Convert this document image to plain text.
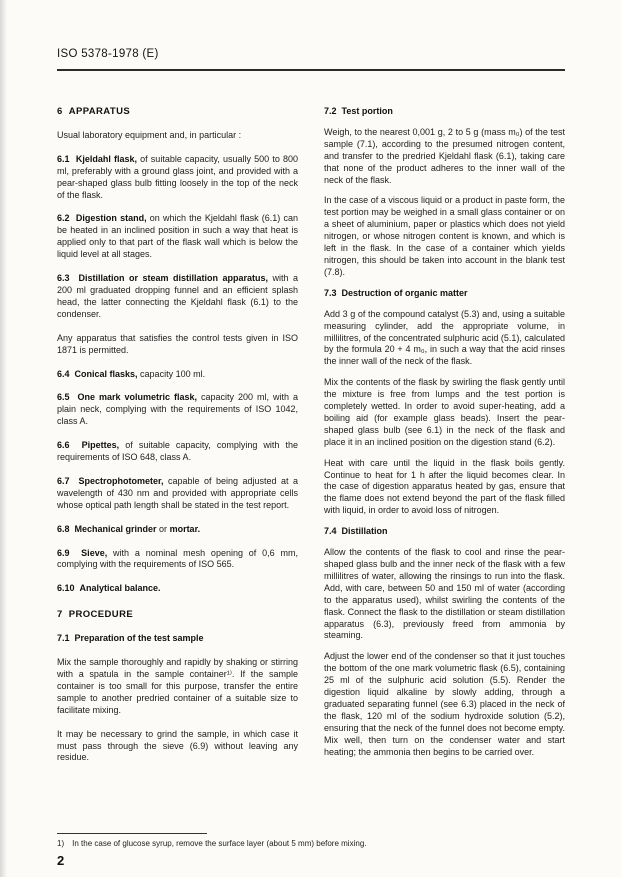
ISO 5378-1978 (E)
6  APPARATUS

Usual laboratory equipment and, in particular :

6.1  Kjeldahl flask, of suitable capacity, usually 500 to 800 ml, preferably with a ground glass joint, and provided with a pear-shaped glass bulb fitting loosely in the top of the neck of the flask.

6.2  Digestion stand, on which the Kjeldahl flask (6.1) can be heated in an inclined position in such a way that heat is applied only to that part of the flask wall which is below the liquid level at all stages.

6.3  Distillation or steam distillation apparatus, with a 200 ml graduated dropping funnel and an efficient splash head, the latter connecting the Kjeldahl flask (6.1) to the condenser.

Any apparatus that satisfies the control tests given in ISO 1871 is permitted.

6.4  Conical flasks, capacity 100 ml.

6.5  One mark volumetric flask, capacity 200 ml, with a plain neck, complying with the requirements of ISO 1042, class A.

6.6  Pipettes, of suitable capacity, complying with the requirements of ISO 648, class A.

6.7  Spectrophotometer, capable of being adjusted at a wavelength of 430 nm and provided with appropriate cells whose optical path length shall be stated in the test report.

6.8  Mechanical grinder or mortar.

6.9  Sieve, with a nominal mesh opening of 0,6 mm, complying with the requirements of ISO 565.

6.10  Analytical balance.

7  PROCEDURE
7.1  Preparation of the test sample

Mix the sample thoroughly and rapidly by shaking or stirring with a spatula in the sample container¹⁾. If the sample container is too small for this purpose, transfer the entire sample to another predried container of a suitable size to facilitate mixing.

It may be necessary to grind the sample, in which case it must pass through the sieve (6.9) without leaving any residue.

7.2  Test portion

Weigh, to the nearest 0,001 g, 2 to 5 g (mass m₀) of the test sample (7.1), according to the presumed nitrogen content, and transfer to the predried Kjeldahl flask (6.1), taking care that none of the product adheres to the inner wall of the neck of the flask.

In the case of a viscous liquid or a product in paste form, the test portion may be weighed in a small glass container or on a sheet of aluminium, paper or plastics which does not yield nitrogen, or whose nitrogen content is known, and which is left in the flask. In the case of a container which yields nitrogen, this should be taken into account in the blank test (7.8).

7.3  Destruction of organic matter

Add 3 g of the compound catalyst (5.3) and, using a suitable measuring cylinder, add the appropriate volume, in millilitres, of the concentrated sulphuric acid (5.1), calculated by the formula 20 + 4 m₀, in such a way that the acid rinses the inner wall of the neck of the flask.

Mix the contents of the flask by swirling the flask gently until the mixture is free from lumps and the test portion is completely wetted. In order to avoid super-heating, add a boiling aid (for example glass beads). Insert the pear-shaped glass bulb (see 6.1) in the neck of the flask and place it in an inclined position on the digestion stand (6.2).

Heat with care until the liquid in the flask boils gently. Continue to heat for 1 h after the liquid becomes clear. In the case of digestion apparatus heated by gas, ensure that the flame does not extend beyond the part of the flask filled with liquid, in order to avoid loss of nitrogen.

7.4  Distillation

Allow the contents of the flask to cool and rinse the pear-shaped glass bulb and the inner neck of the flask with a few millilitres of water, allowing the rinsings to run into the flask. Add, with care, between 50 and 150 ml of water (according to the apparatus used), whilst swirling the contents of the flask. Connect the flask to the distillation or steam distillation apparatus (6.3), previously freed from ammonia by steaming.

Adjust the lower end of the condenser so that it just touches the bottom of the one mark volumetric flask (6.5), containing 25 ml of the sulphuric acid solution (5.5). Render the digestion liquid alkaline by slowly adding, through a graduated separating funnel (see 6.3) placed in the neck of the flask, 120 ml of the sodium hydroxide solution (5.2), ensuring that the neck of the funnel does not become empty. Mix well, then turn on the condenser water and start heating; the ammonia then begins to be carried over.

1) In the case of glucose syrup, remove the surface layer (about 5 mm) before mixing.

2
